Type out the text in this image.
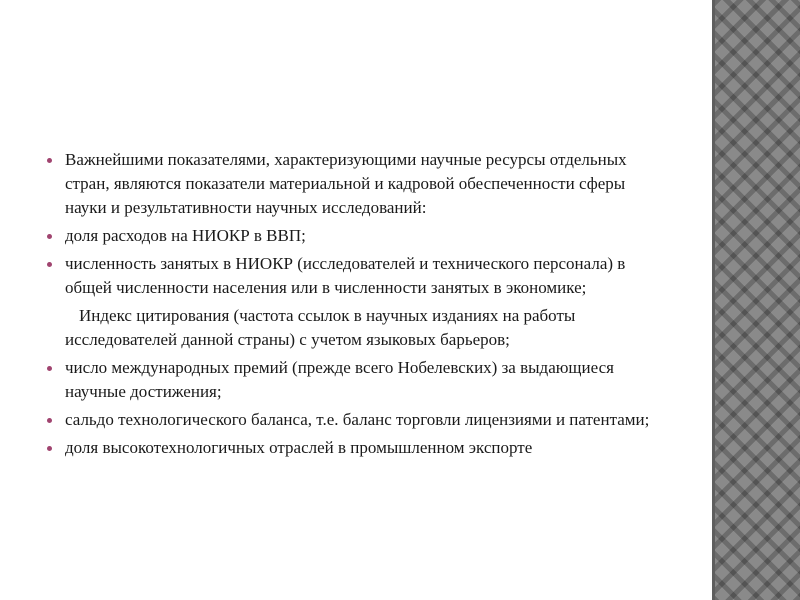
Важнейшими показателями, характеризующими научные ресурсы отдельных стран, являются показатели материальной и кадровой обеспеченности сферы науки и результативности научных исследований:
доля расходов на НИОКР в ВВП;
численность занятых в НИОКР (исследователей и технического персонала) в общей численности населения или в численности занятых в экономике;
Индекс цитирования (частота ссылок в научных изданиях на работы исследователей данной страны) с учетом языковых барьеров;
число международных премий (прежде всего Нобелевских) за выдающиеся научные достижения;
сальдо технологического баланса, т.е. баланс торговли лицензиями и патентами;
доля высокотехнологичных отраслей в промышленном экспорте
